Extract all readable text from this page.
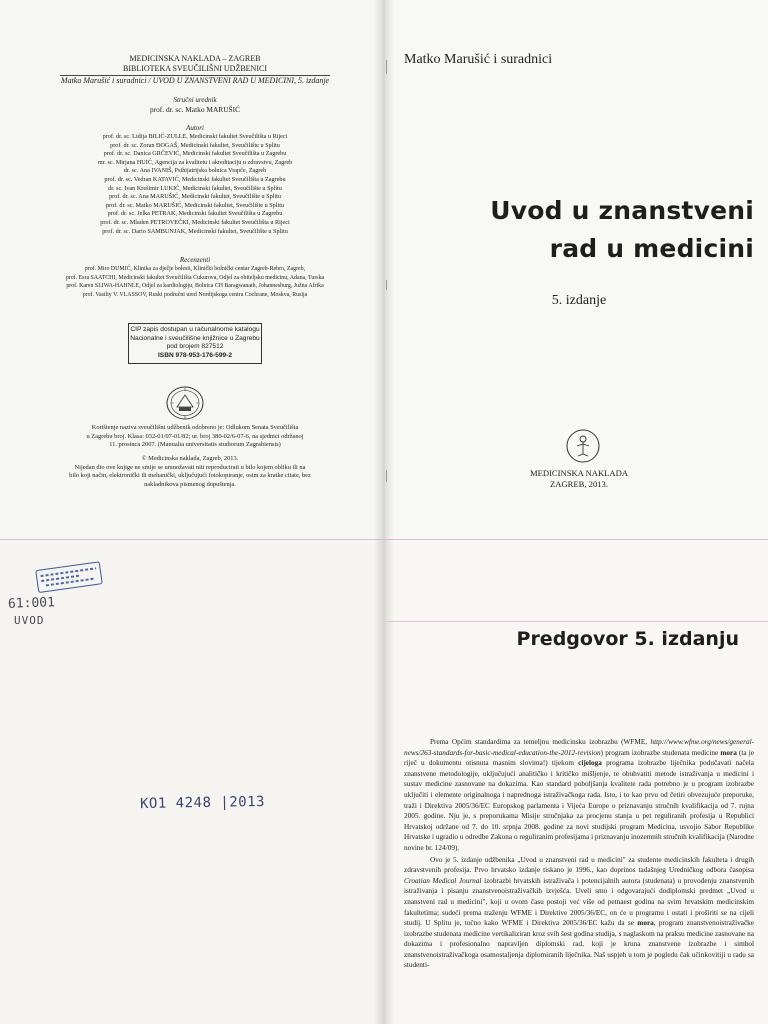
MEDICINSKA NAKLADA – ZAGREB
BIBLIOTEKA SVEUČILIŠNI UDŽBENICI
Matko Marušić i suradnici / UVOD U ZNANSTVENI RAD U MEDICINI, 5. izdanje
Stručni urednik
prof. dr. sc. Matko MARUŠIĆ
Autori
prof. dr. sc. Lidija BILIĆ-ZULLE, Medicinski fakultet Sveučilišta u Rijeci
prof. dr. sc. Zoran ĐOGAŠ, Medicinski fakultet, Sveučilište u Splitu
prof. dr. sc. Danica GRČEVIĆ, Medicinski fakultet Sveučilišta u Zagrebu
mr. sc. Mirjana HUIĆ, Agencija za kvalitetu i akreditaciju u zdravstvu, Zagreb
dr. sc. Ana IVANIŠ, Psihijatrijska bolnica Vrapče, Zagreb
prof. dr. sc. Vedran KATAVIĆ, Medicinski fakultet Sveučilišta u Zagrebu
dr. sc. Ivan Krešimir LUKIĆ, Medicinski fakultet, Sveučilište u Splitu
prof. dr. sc. Ana MARUŠIĆ, Medicinski fakultet, Sveučilište u Splitu
prof. dr. sc. Matko MARUŠIĆ, Medicinski fakultet, Sveučilište u Splitu
prof. dr. sc. Jelka PETRAK, Medicinski fakultet Sveučilišta u Zagrebu
prof. dr. sc. Mladen PETROVEČKI, Medicinski fakultet Sveučilišta u Rijeci
prof. dr. sc. Dario SAMBUNJAK, Medicinski fakultet, Sveučilište u Splitu
Recenzenti
prof. Miro DUMIĆ, Klinika za dječje bolesti, Klinički bolnički centar Zagreb-Rebro, Zagreb,
prof. Esra SAATCHI, Medicinski fakultet Sveučilišta Cukurova, Odjel za obiteljsku medicinu, Adana, Turska
prof. Karen SLIWA-HAHNLE, Odjel za kardiologiju, Bolnica CH Baragwanath, Johannesburg, Južna Afrika
prof. Vasiliy V. VLASSOV, Ruski područni ured Nordijskoga centra Cochrane, Moskva, Rusija
CIP zapis dostupan u računalnome katalogu
Nacionalne i sveučilišne knjižnice u Zagrebu
pod brojem 827512
ISBN 978-953-176-599-2
Korištenje naziva sveučilišni udžbenik odobreno je: Odlukom Senata Sveučilišta
u Zagrebu broj. Klasa: 032-01/07-01/82; ur. broj 380-02/6-07-6, na sjednici održanoj
11. prosinca 2007. (Manualia universitatis studiorum Zagrabiensis)
© Medicinska naklada, Zagreb, 2013.
Nijedan dio ove knjige ne smije se umnožavati niti reproducirati u bilo kojem obliku ili na
bilo koji način, elektronički ili mehanički, uključujući fotokopiranje, osim za kratke citate, bez
nakladnikova pismenog dopuštenja.
Matko Marušić i suradnici
Uvod u znanstveni
rad u medicini
5. izdanje
MEDICINSKA NAKLADA
ZAGREB, 2013.
61:001
UVOD
KO1 4248 |2013
Predgovor 5. izdanju

Prema Općim standardima za temeljnu medicinsku izobrazbu (WFME, http://www.wfme.org/news/general-news/263-standards-for-basic-medical-education-the-2012-revision) program izobrazbe studenata medicine mora (ta je riječ u dokumentu otisnuta masnim slovima!) tijekom cijeloga programa izobrazbe liječnika podučavati načela znanstvene metodologije, uključujući analitičko i kritičko mišljenje, te obuhvatiti metode istraživanja u medicini i sustav medicine zasnovane na dokazima. Kao standard poboljšanja kvalitete rada potrebno je u program izobrazbe uključiti i elemente originalnoga i naprednoga istraživačkoga rada. Isto, i to kao prvu od četiri obvezujuće preporuke, traži i Direktiva 2005/36/EC Europskog parlamenta i Vijeća Europe o priznavanju stručnih kvalifikacija od 7. rujna 2005. godine. Nju je, s preporukama Misije stručnjaka za procjenu stanja u pet reguliranih profesija u Republici Hrvatskoj održane od 7. do 10. srpnja 2008. godine za novi studijski program Medicina, usvojio Sabor Republike Hrvatske i ugradio u odredbe Zakona o reguliranim profesijama i priznavanju inozemnih stručnih kvalifikacija (Narodne novine br. 124/09).

Ovo je 5. izdanje udžbenika „Uvod u znanstveni rad u medicini" za studente medicinskih fakulteta i drugih zdravstvenih profesija. Prvo hrvatsko izdanje tiskano je 1996., kao doprinos tadašnjeg Uredničkog odbora časopisa Croatian Medical Journal izobrazbi hrvatskih istraživača i potencijalnih autora (studenata) u provođenju znanstvenih istraživanja i pisanju znanstvenoistraživačkih izvješća. Uveli smo i odgovarajući dodiplomski predmet „Uvod u znanstveni rad u medicini", koji u ovom času postoji već više od petnaest godina na svim hrvatskim medicinskim fakultetima; sudeći prema traženju WFME i Direktive 2005/36/EC, on će u programu i ostati i proširiti se na cijeli studij. U Splitu je, točno kako WFME i Direktiva 2005/36/EC kažu da se mora, program znanstvenoistraživačke izobrazbe studenata medicine vertikaliziran kroz svih šest godina studija, s naglaskom na praksu medicine zasnovane na dokazima i profesionalno napravljen diplomski rad, koji je kruna znanstvene izobrazbe i simbol znanstvenoistraživačkoga osamostaljenja diplomiranih liječnika. Naš uspjeh u tom je pogledu čak učinkovitiji u radu sa studenti-
